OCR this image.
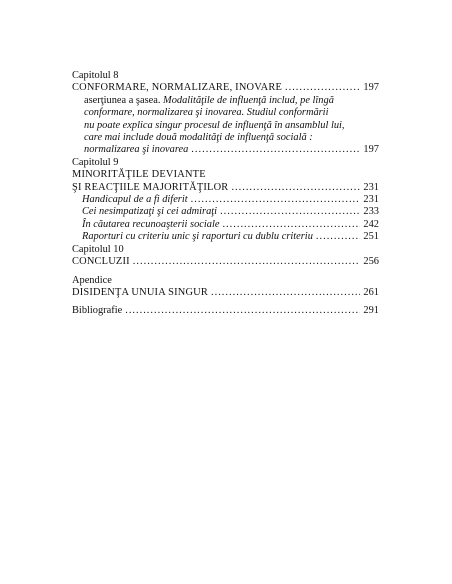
Capitolul 8
CONFORMARE, NORMALIZARE, INOVARE .....	197
aserţiunea a şasea. Modalităţile de influenţă includ, pe lîngă
conformare, normalizarea şi inovarea. Studiul conformării
nu poate explica singur procesul de influenţă în ansamblul lui,
care mai include două modalităţi de influenţă socială :
normalizarea şi inovarea .....	197
Capitolul 9
MINORITĂŢILE DEVIANTE
ŞI REACŢIILE MAJORITĂŢILOR .....	231
Handicapul de a fi diferit .....	231
Cei nesimpatizaţi şi cei admiraţi .....	233
În căutarea recunoaşterii sociale .....	242
Raporturi cu criteriu unic şi raporturi cu dublu criteriu .....	251
Capitolul 10
CONCLUZII .....	256
Apendice
DISIDENŢA UNUIA SINGUR .....	261
Bibliografie .....	291
